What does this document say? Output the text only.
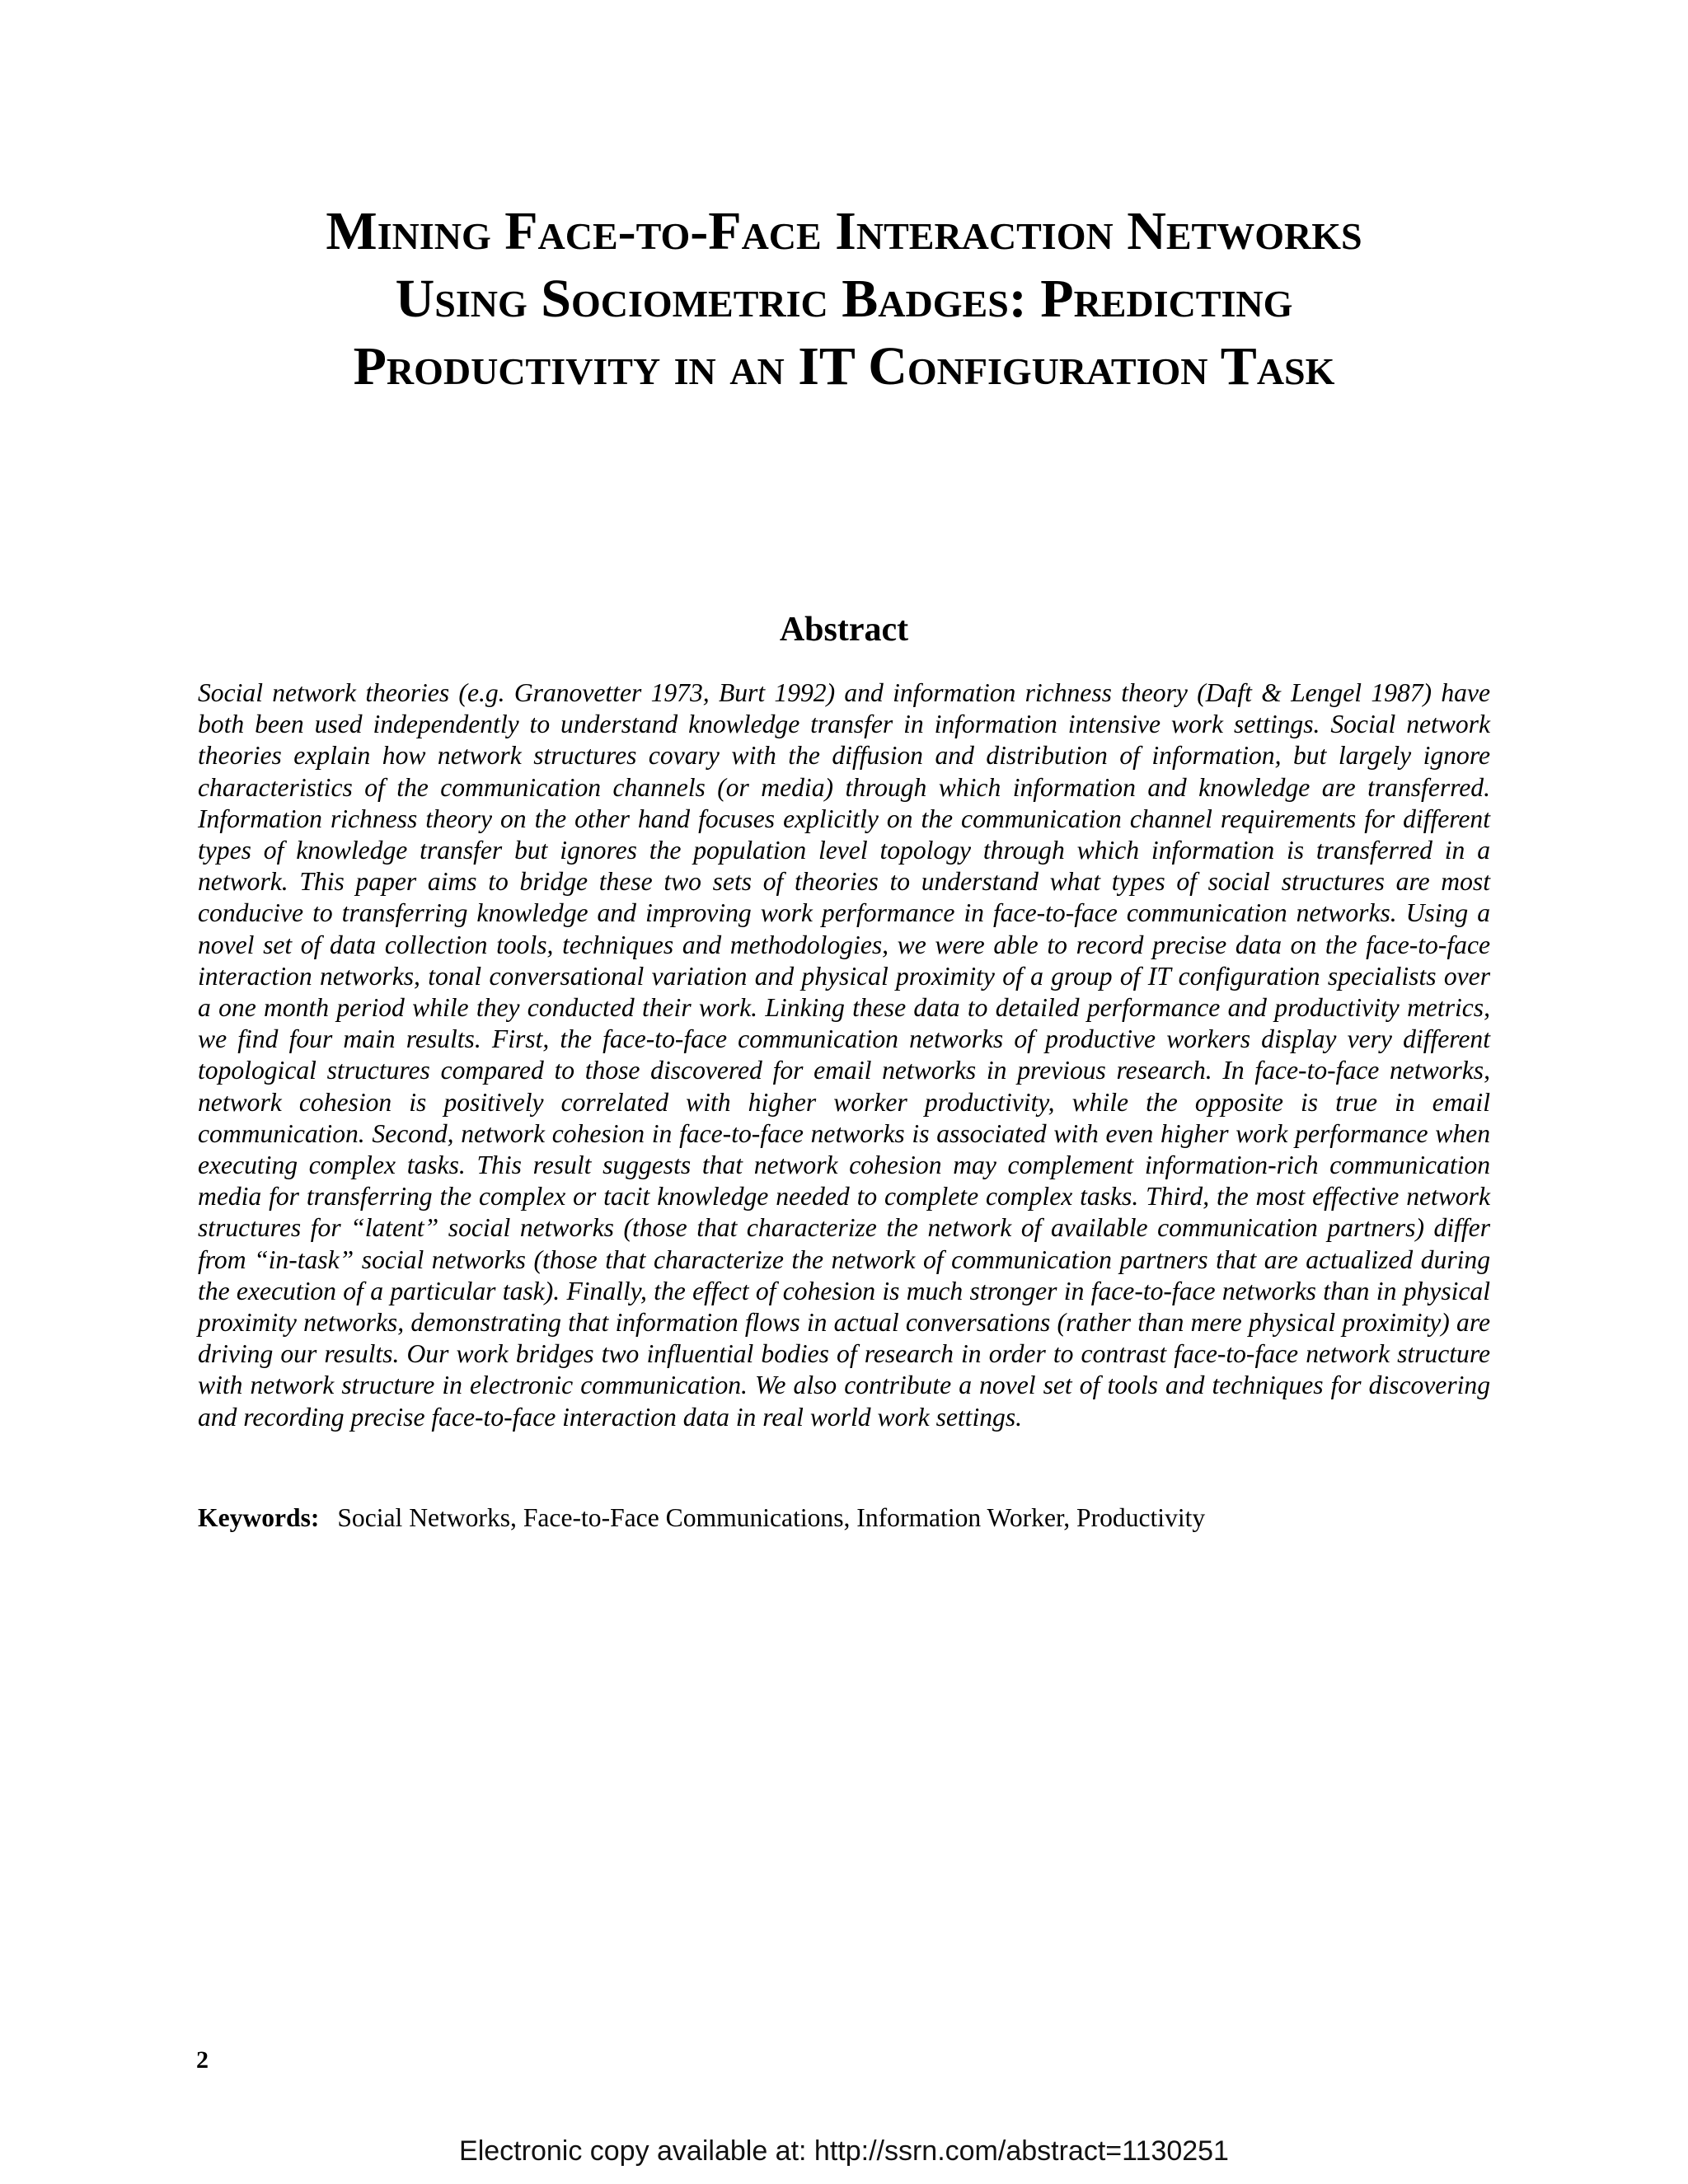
Mining Face-to-Face Interaction Networks
Using Sociometric Badges: Predicting
Productivity in an IT Configuration Task
Abstract

Social network theories (e.g. Granovetter 1973, Burt 1992) and information richness theory (Daft & Lengel 1987) have both been used independently to understand knowledge transfer in information intensive work settings. Social network theories explain how network structures covary with the diffusion and distribution of information, but largely ignore characteristics of the communication channels (or media) through which information and knowledge are transferred. Information richness theory on the other hand focuses explicitly on the communication channel requirements for different types of knowledge transfer but ignores the population level topology through which information is transferred in a network. This paper aims to bridge these two sets of theories to understand what types of social structures are most conducive to transferring knowledge and improving work performance in face-to-face communication networks. Using a novel set of data collection tools, techniques and methodologies, we were able to record precise data on the face-to-face interaction networks, tonal conversational variation and physical proximity of a group of IT configuration specialists over a one month period while they conducted their work. Linking these data to detailed performance and productivity metrics, we find four main results. First, the face-to-face communication networks of productive workers display very different topological structures compared to those discovered for email networks in previous research. In face-to-face networks, network cohesion is positively correlated with higher worker productivity, while the opposite is true in email communication. Second, network cohesion in face-to-face networks is associated with even higher work performance when executing complex tasks. This result suggests that network cohesion may complement information-rich communication media for transferring the complex or tacit knowledge needed to complete complex tasks. Third, the most effective network structures for “latent” social networks (those that characterize the network of available communication partners) differ from “in-task” social networks (those that characterize the network of communication partners that are actualized during the execution of a particular task). Finally, the effect of cohesion is much stronger in face-to-face networks than in physical proximity networks, demonstrating that information flows in actual conversations (rather than mere physical proximity) are driving our results. Our work bridges two influential bodies of research in order to contrast face-to-face network structure with network structure in electronic communication. We also contribute a novel set of tools and techniques for discovering and recording precise face-to-face interaction data in real world work settings.

Keywords: Social Networks, Face-to-Face Communications, Information Worker, Productivity

2
Electronic copy available at: http://ssrn.com/abstract=1130251
